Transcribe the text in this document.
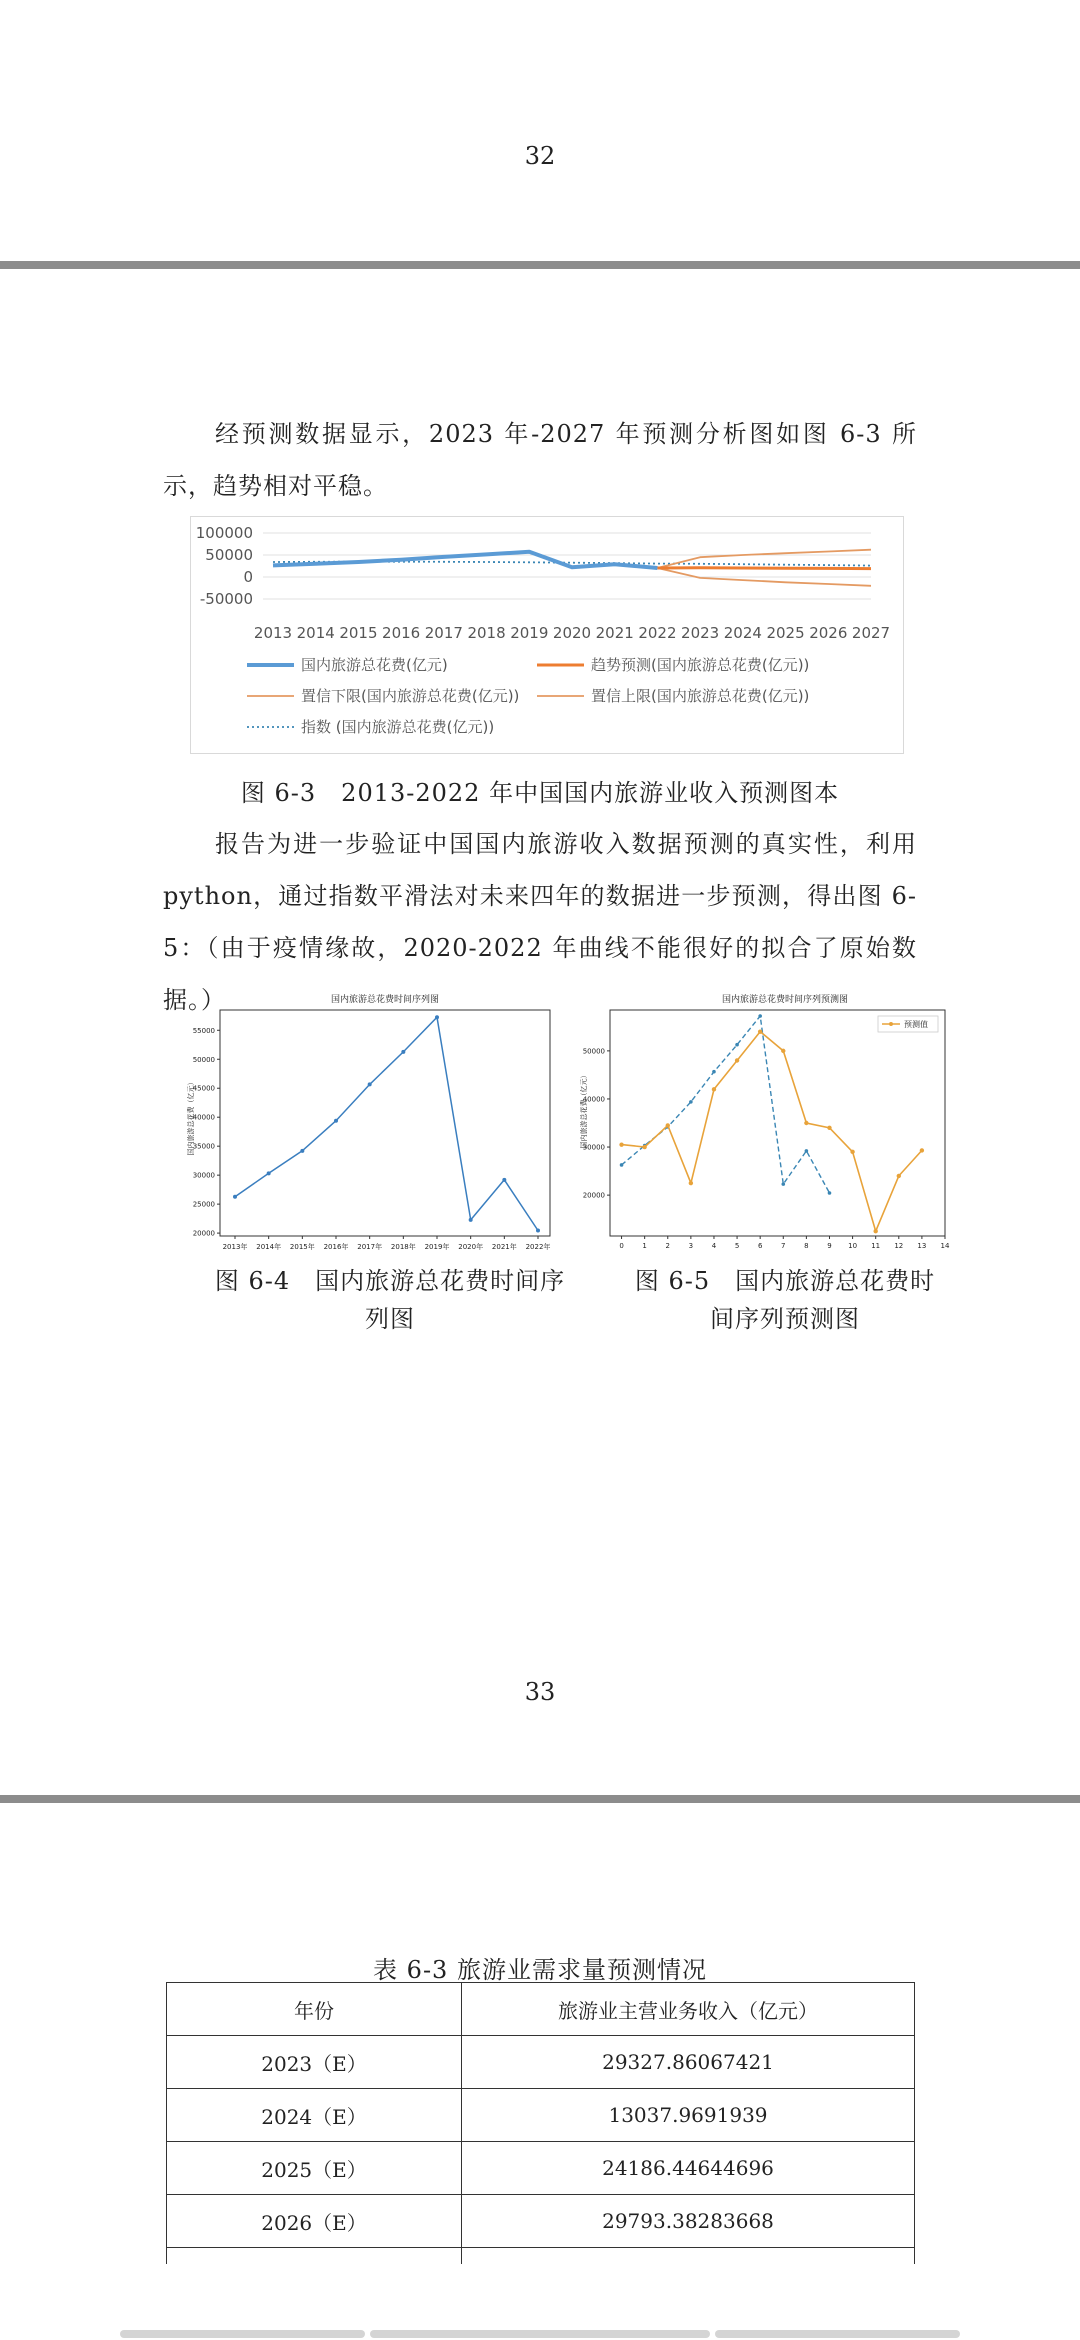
32
经预测数据显示，2023 年-2027 年预测分析图如图 6-3 所示，趋势相对平稳。
100000
50000
0
-50000
2013 2014 2015 2016 2017 2018 2019 2020 2021 2022 2023 2024 2025 2026 2027
国内旅游总花费(亿元)	趋势预测(国内旅游总花费(亿元))
置信下限(国内旅游总花费(亿元))	置信上限(国内旅游总花费(亿元))
指数 (国内旅游总花费(亿元))
图 6-3　2013-2022 年中国国内旅游业收入预测图本
报告为进一步验证中国国内旅游收入数据预测的真实性，利用 python，通过指数平滑法对未来四年的数据进一步预测，得出图 6-5：（由于疫情缘故，2020-2022 年曲线不能很好的拟合了原始数据。）	国内旅游总花费时间序列图
国内旅游总花费（亿元）
20000
25000
30000
35000
40000
45000
50000
55000
2013年 2014年 2015年 2016年 2017年 2018年 2019年 2020年 2021年 2022年
图 6-4　国内旅游总花费时间序列图
国内旅游总花费时间序列预测图
国内旅游总花费（亿元）
20000
30000
40000
50000
0	1	2	3	4	5	6	7	8	9 10 11 12 13 14
预测值
图 6-5　国内旅游总花费时间序列预测图
33
表 6-3 旅游业需求量预测情况
年份	旅游业主营业务收入（亿元）
2023（E）	29327.86067421
2024（E）	13037.9691939
2025（E）	24186.44644696
2026（E）	29793.38283668
